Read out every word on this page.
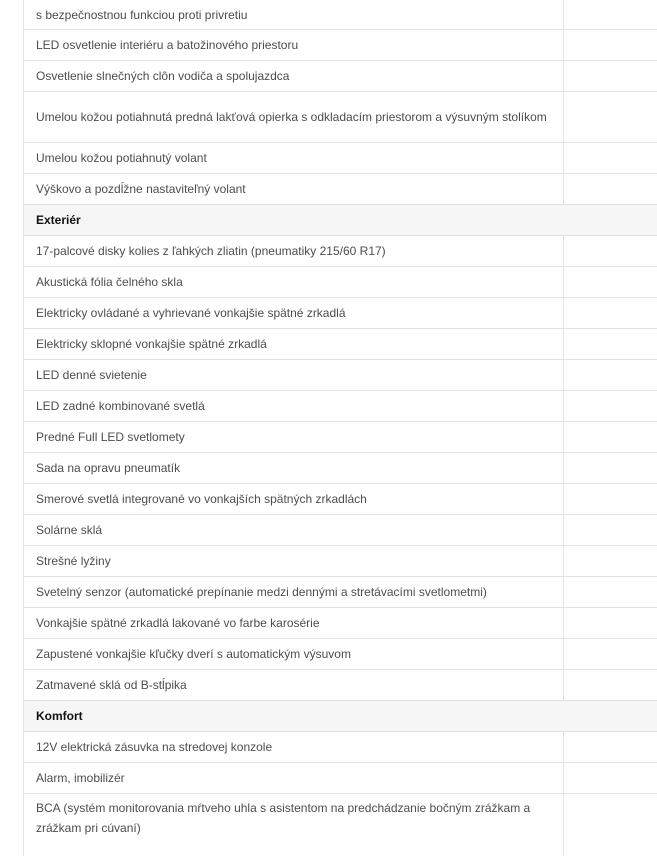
s bezpečnostnou funkciou proti privretiu	
LED osvetlenie interiéru a batožinového priestoru	
Osvetlenie slnečných clôn vodiča a spolujazdca	
Umelou kožou potiahnutá predná lakťová opierka s odkladacím priestorom a výsuvným stolíkom	
Umelou kožou potiahnutý volant	
Výškovo a pozdĺžne nastaviteľný volant	
Exteriér	
17-palcové disky kolies z ľahkých zliatin (pneumatiky 215/60 R17)	
Akustická fólia čelného skla	
Elektricky ovládané a vyhrievané vonkajšie spätné zrkadlá	
Elektricky sklopné vonkajšie spätné zrkadlá	
LED denné svietenie	
LED zadné kombinované svetlá	
Predné Full LED svetlomety	
Sada na opravu pneumatík	
Smerové svetlá integrované vo vonkajších spätných zrkadlách	
Solárne sklá	
Strešné lyžiny	
Svetelný senzor (automatické prepínanie medzi dennými a stretávacími svetlometmi)	
Vonkajšie spätné zrkadlá lakované vo farbe karosérie	
Zapustené vonkajšie kľučky dverí s automatickým výsuvom	
Zatmavené sklá od B-stĺpika	
Komfort	
12V elektrická zásuvka na stredovej konzole	
Alarm, imobilizér	
BCA (systém monitorovania mŕtveho uhla s asistentom na predchádzanie bočným zrážkam a zrážkam pri cúvaní)	
